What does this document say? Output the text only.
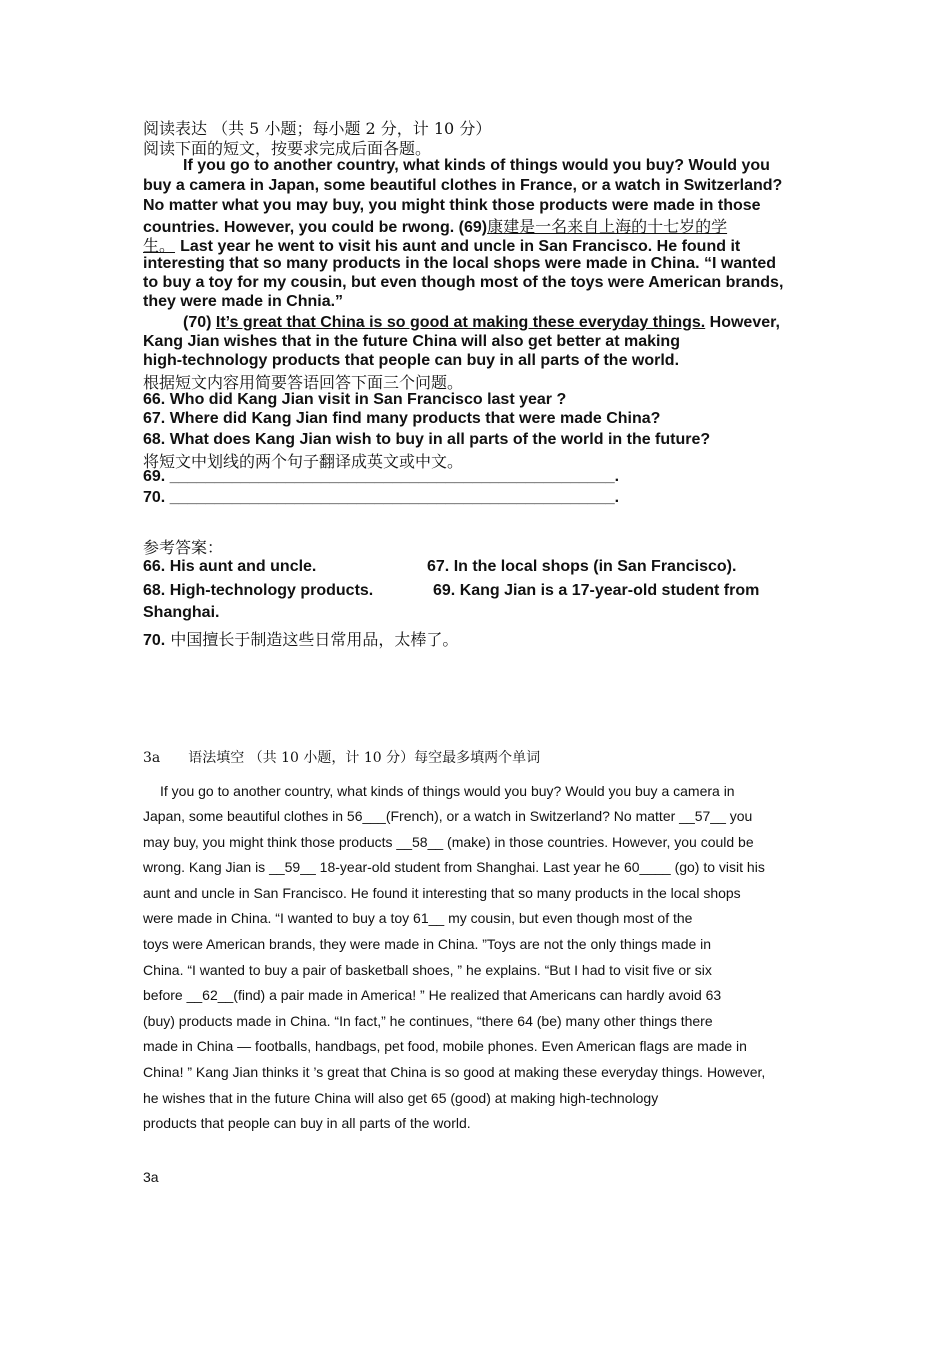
阅读表达 （共 5 小题；每小题 2 分，计 10 分）
阅读下面的短文，按要求完成后面各题。
If you go to another country, what kinds of things would you buy? Would you
buy a camera in Japan, some beautiful clothes in France, or a watch in Switzerland?
No matter what you may buy, you might think those products were made in those
countries. However, you could be rwong. (69)康建是一名来自上海的十七岁的学
生。 Last year he went to visit his aunt and uncle in San Francisco. He found it
interesting that so many products in the local shops were made in China. “I wanted
to buy a toy for my cousin, but even though most of the toys were American brands,
they were made in Chnia.”
(70) It’s great that China is so good at making these everyday things. However,
Kang Jian wishes that in the future China will also get better at making
high-technology products that people can buy in all parts of the world.
根据短文内容用简要答语回答下面三个问题。
66. Who did Kang Jian visit in San Francisco last year ?
67. Where did Kang Jian find many products that were made China?
68. What does Kang Jian wish to buy in all parts of the world in the future?
将短文中划线的两个句子翻译成英文或中文。
69. __________________________________________________.
70. __________________________________________________.
参考答案：
66. His aunt and uncle.	67. In the local shops (in San Francisco).
68. High-technology products.	69. Kang Jian is a 17-year-old student from
Shanghai.
70. 中国擅长于制造这些日常用品，太棒了。
3a　　语法填空 （共 10 小题，计 10 分）每空最多填两个单词
If you go to another country, what kinds of things would you buy? Would you buy a camera in
Japan, some beautiful clothes in 56___(French), or a watch in Switzerland? No matter __57__ you
may buy, you might think those products __58__ (make) in those countries. However, you could be
wrong. Kang Jian is __59__ 18-year-old student from Shanghai. Last year he 60____ (go) to visit his
aunt and uncle in San Francisco. He found it interesting that so many products in the local shops
were made in China. “I wanted to buy a toy 61__ my cousin, but even though most of the
toys were American brands, they were made in China. ”Toys are not the only things made in
China. “I wanted to buy a pair of basketball shoes, ” he explains. “But I had to visit five or six
before __62__(find) a pair made in America! ” He realized that Americans can hardly avoid 63
(buy) products made in China. “In fact,” he continues, “there 64 (be) many other things there
made in China — footballs, handbags, pet food, mobile phones. Even American flags are made in
China! ” Kang Jian thinks it ’s great that China is so good at making these everyday things. However,
he wishes that in the future China will also get 65 (good) at making high-technology
products that people can buy in all parts of the world.
3a
